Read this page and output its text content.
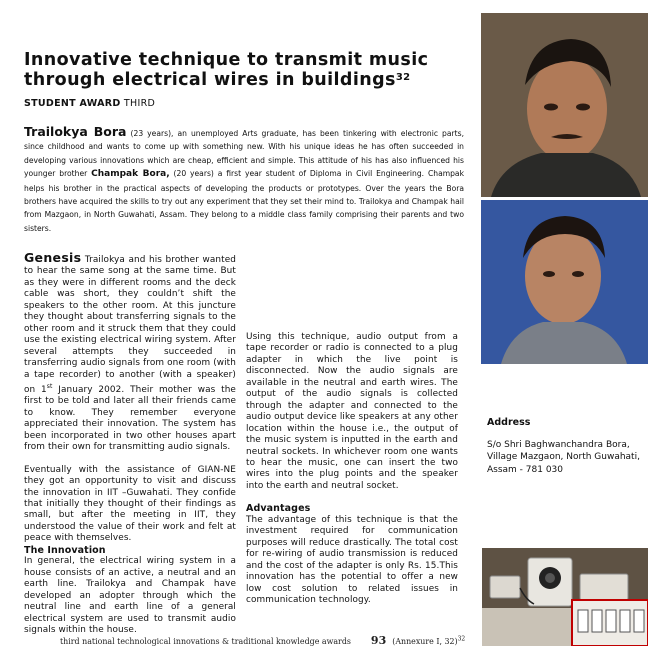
Innovative technique to transmit music through electrical wires in buildings$^{32}$
STUDENT AWARD THIRD

Trailokya Bora (23 years), an unemployed Arts graduate, has been tinkering with electronic parts, since childhood and wants to come up with something new. With his unique ideas he has often succeeded in developing various innovations which are cheap, efficient and simple. This attitude of his has also influenced his younger brother Champak Bora, (20 years) a first year student of Diploma in Civil Engineering. Champak helps his brother in the practical aspects of developing the products or prototypes. Over the years the Bora brothers have acquired the skills to try out any experiment that they set their mind to. Trailokya and Champak hail from Mazgaon, in North Guwahati, Assam. They belong to a middle class family comprising their parents and two sisters.

Genesis Trailokya and his brother wanted to hear the same song at the same time. But as they were in different rooms and the deck cable was short, they couldn’t shift the speakers to the other room. At this juncture they thought about transferring signals to the other room and it struck them that they could use the existing electrical wiring system. After several attempts they succeeded in transferring audio signals from one room (with a tape recorder) to another (with a speaker) on 1st January 2002. Their mother was the first to be told and later all their friends came to know. They remember everyone appreciated their innovation. The system has been incorporated in two other houses apart from their own for transmitting audio signals.

Eventually with the assistance of GIAN-NE they got an opportunity to visit and discuss the innovation in IIT –Guwahati. They confide that initially they thought of their findings as small, but after the meeting in IIT, they understood the value of their work and felt at peace with themselves.

The Innovation

In general, the electrical wiring system in a house consists of an active, a neutral and an earth line. Trailokya and Champak have developed an adopter through which the neutral line and earth line of a general electrical system are used to transmit audio signals within the house.

Using this technique, audio output from a tape recorder or radio is connected to a plug adapter in which the live point is disconnected. Now the audio signals are available in the neutral and earth wires. The output of the audio signals is collected through the adapter and connected to the audio output device like speakers at any other location within the house i.e., the output of the music system is inputted in the earth and neutral sockets. In whichever room one wants to hear the music, one can insert the two wires into the plug points and the speaker into the earth and neutral socket.

Advantages

The advantage of this technique is that the investment required for communication purposes will reduce drastically. The total cost for re-wiring of audio transmission is reduced and the cost of the adapter is only Rs. 15.This innovation has the potential to offer a new low cost solution to related issues in communication technology.

Address
S/o Shri Baghwanchandra Bora, Village Mazgaon, North Guwahati, Assam - 781 030
third national technological innovations & traditional knowledge awards 93 (Annexure I, 32)$^{32}$
